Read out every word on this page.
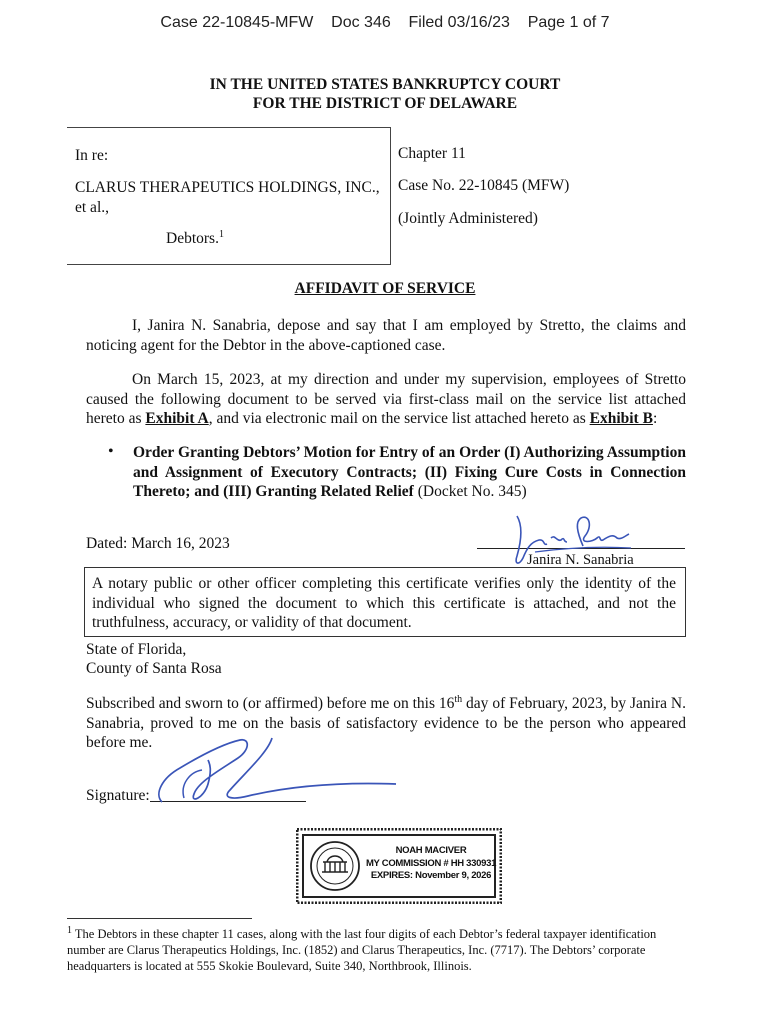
Case 22-10845-MFW    Doc 346    Filed 03/16/23    Page 1 of 7
IN THE UNITED STATES BANKRUPTCY COURT
FOR THE DISTRICT OF DELAWARE
In re:
CLARUS THERAPEUTICS HOLDINGS, INC.,
et al.,
Debtors.$^1$
Chapter 11
Case No. 22-10845 (MFW)
(Jointly Administered)
AFFIDAVIT OF SERVICE
I, Janira N. Sanabria, depose and say that I am employed by Stretto, the claims and noticing agent for the Debtor in the above-captioned case.
On March 15, 2023, at my direction and under my supervision, employees of Stretto caused the following document to be served via first-class mail on the service list attached hereto as Exhibit A, and via electronic mail on the service list attached hereto as Exhibit B:
• Order Granting Debtors’ Motion for Entry of an Order (I) Authorizing Assumption and Assignment of Executory Contracts; (II) Fixing Cure Costs in Connection Thereto; and (III) Granting Related Relief (Docket No. 345)
Dated: March 16, 2023
Janira N. Sanabria
A notary public or other officer completing this certificate verifies only the identity of the individual who signed the document to which this certificate is attached, and not the truthfulness, accuracy, or validity of that document.
State of Florida,
County of Santa Rosa
Subscribed and sworn to (or affirmed) before me on this 16th day of February, 2023, by Janira N. Sanabria, proved to me on the basis of satisfactory evidence to be the person who appeared before me.
Signature:
NOAH MACIVER
MY COMMISSION # HH 330931
EXPIRES: November 9, 2026
$^1$ The Debtors in these chapter 11 cases, along with the last four digits of each Debtor’s federal taxpayer identification number are Clarus Therapeutics Holdings, Inc. (1852) and Clarus Therapeutics, Inc. (7717). The Debtors’ corporate headquarters is located at 555 Skokie Boulevard, Suite 340, Northbrook, Illinois.
